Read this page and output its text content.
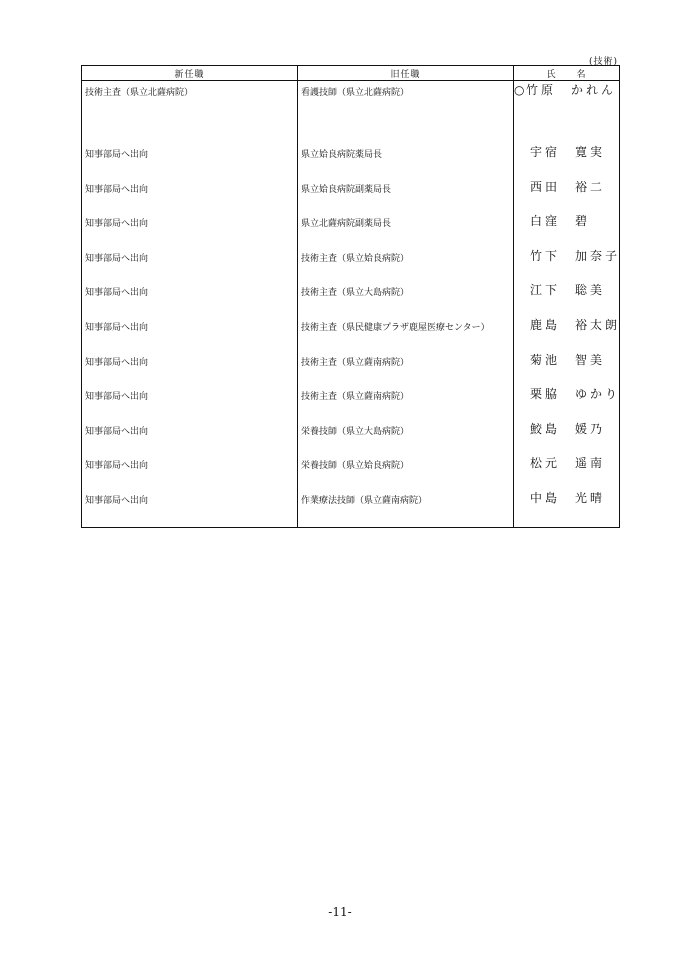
(技術)
新任職	旧任職	氏　　名
技術主査（県立北薩病院）	看護技師（県立北薩病院）	○ 竹原　かれん
知事部局へ出向	県立姶良病院薬局長	宇宿　寛実
知事部局へ出向	県立姶良病院副薬局長	西田　裕二
知事部局へ出向	県立北薩病院副薬局長	白窪　碧
知事部局へ出向	技術主査（県立姶良病院）	竹下　加奈子
知事部局へ出向	技術主査（県立大島病院）	江下　聡美
知事部局へ出向	技術主査（県民健康プラザ鹿屋医療センター）	鹿島　裕太朗
知事部局へ出向	技術主査（県立薩南病院）	菊池　智美
知事部局へ出向	技術主査（県立薩南病院）	栗脇　ゆかり
知事部局へ出向	栄養技師（県立大島病院）	鮫島　媛乃
知事部局へ出向	栄養技師（県立姶良病院）	松元　遥南
知事部局へ出向	作業療法技師（県立薩南病院）	中島　光晴
-11-
